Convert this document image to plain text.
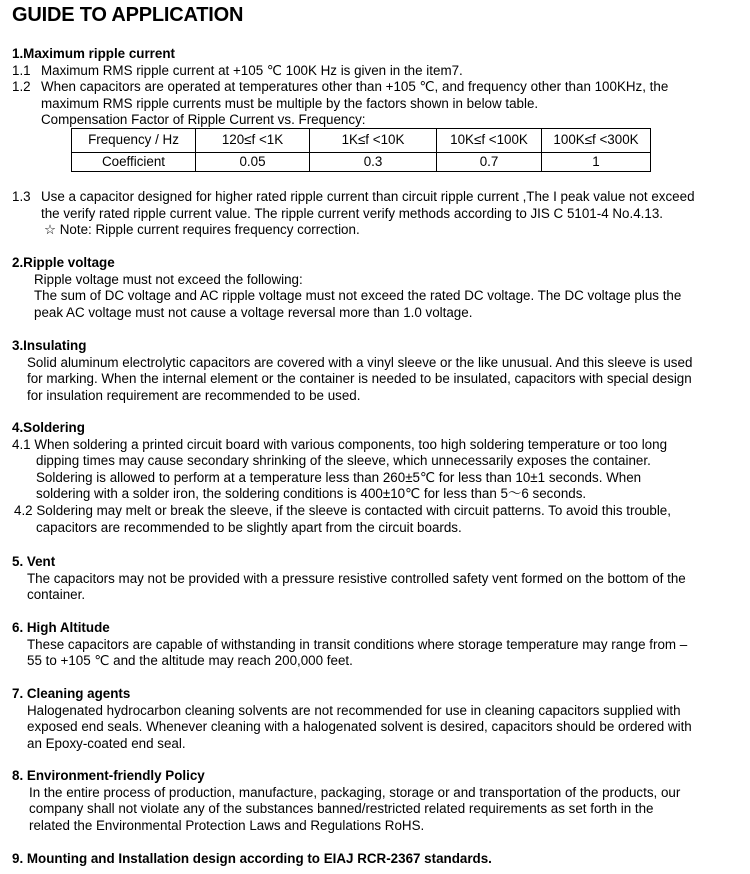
GUIDE TO APPLICATION

1.Maximum ripple current

1.1 Maximum RMS ripple current at +105 ℃ 100K Hz is given in the item7.

1.2 When capacitors are operated at temperatures other than +105 ℃, and frequency other than 100KHz, the

maximum RMS ripple currents must be multiple by the factors shown in below table.

Compensation Factor of Ripple Current vs. Frequency:

Frequency / Hz	120≤f <1K	1K≤f <10K	10K≤f <100K	100K≤f <300K
Coefficient	0.05	0.3	0.7	1

1.3 Use a capacitor designed for higher rated ripple current than circuit ripple current ,The I peak value not exceed

the verify rated ripple current value. The ripple current verify methods according to JIS C 5101-4 No.4.13.

☆ Note: Ripple current requires frequency correction.

2.Ripple voltage

Ripple voltage must not exceed the following:

The sum of DC voltage and AC ripple voltage must not exceed the rated DC voltage. The DC voltage plus the

peak AC voltage must not cause a voltage reversal more than 1.0 voltage.

3.Insulating

Solid aluminum electrolytic capacitors are covered with a vinyl sleeve or the like unusual. And this sleeve is used

for marking. When the internal element or the container is needed to be insulated, capacitors with special design

for insulation requirement are recommended to be used.

4.Soldering

4.1 When soldering a printed circuit board with various components, too high soldering temperature or too long

dipping times may cause secondary shrinking of the sleeve, which unnecessarily exposes the container.

Soldering is allowed to perform at a temperature less than 260±5℃ for less than 10±1 seconds. When

soldering with a solder iron, the soldering conditions is 400±10℃ for less than 5～6 seconds.

4.2 Soldering may melt or break the sleeve, if the sleeve is contacted with circuit patterns. To avoid this trouble,

capacitors are recommended to be slightly apart from the circuit boards.

5. Vent

The capacitors may not be provided with a pressure resistive controlled safety vent formed on the bottom of the

container.

6. High Altitude

These capacitors are capable of withstanding in transit conditions where storage temperature may range from –

55 to +105 ℃ and the altitude may reach 200,000 feet.

7. Cleaning agents

Halogenated hydrocarbon cleaning solvents are not recommended for use in cleaning capacitors supplied with

exposed end seals. Whenever cleaning with a halogenated solvent is desired, capacitors should be ordered with

an Epoxy-coated end seal.

8. Environment-friendly Policy

In the entire process of production, manufacture, packaging, storage or and transportation of the products, our

company shall not violate any of the substances banned/restricted related requirements as set forth in the

related the Environmental Protection Laws and Regulations RoHS.

9. Mounting and Installation design according to EIAJ RCR-2367 standards.
